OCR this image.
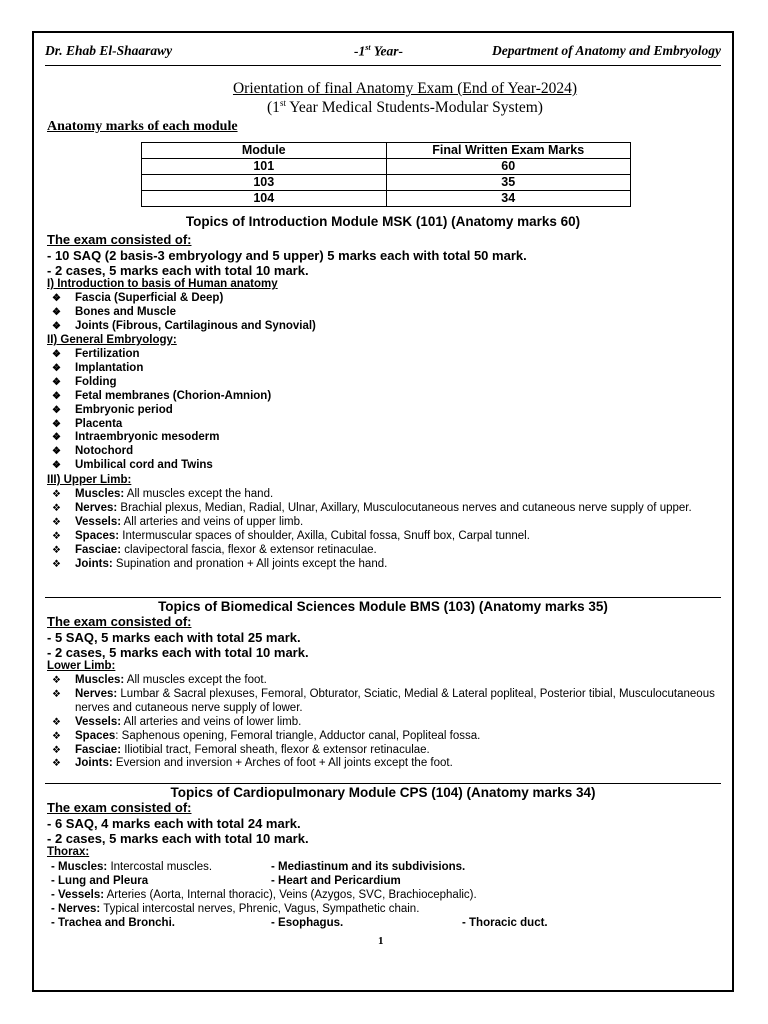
Dr. Ehab El-Shaarawy	-1st Year-	Department of Anatomy and Embryology
Orientation of final Anatomy Exam (End of Year-2024)
(1st Year Medical Students-Modular System)
Anatomy marks of each module
Module	Final Written Exam Marks
101	60
103	35
104	34
Topics of Introduction Module MSK (101) (Anatomy marks 60)
The exam consisted of:
- 10 SAQ (2 basis-3 embryology and 5 upper) 5 marks each with total 50 mark.
- 2 cases, 5 marks each with total 10 mark.
I) Introduction to basis of Human anatomy
❖ Fascia (Superficial & Deep)
❖ Bones and Muscle
❖ Joints (Fibrous, Cartilaginous and Synovial)
II) General Embryology:
❖ Fertilization
❖ Implantation
❖ Folding
❖ Fetal membranes (Chorion-Amnion)
❖ Embryonic period
❖ Placenta
❖ Intraembryonic mesoderm
❖ Notochord
❖ Umbilical cord and Twins
III) Upper Limb:
❖ Muscles: All muscles except the hand.
❖ Nerves: Brachial plexus, Median, Radial, Ulnar, Axillary, Musculocutaneous nerves and cutaneous nerve supply of upper.
❖ Vessels: All arteries and veins of upper limb.
❖ Spaces: Intermuscular spaces of shoulder, Axilla, Cubital fossa, Snuff box, Carpal tunnel.
❖ Fasciae: clavipectoral fascia, flexor & extensor retinaculae.
❖ Joints: Supination and pronation + All joints except the hand.
Topics of Biomedical Sciences Module BMS (103) (Anatomy marks 35)
The exam consisted of:
- 5 SAQ, 5 marks each with total 25 mark.
- 2 cases, 5 marks each with total 10 mark.
Lower Limb:
❖ Muscles: All muscles except the foot.
❖ Nerves: Lumbar & Sacral plexuses, Femoral, Obturator, Sciatic, Medial & Lateral popliteal, Posterior tibial, Musculocutaneous nerves and cutaneous nerve supply of lower.
❖ Vessels: All arteries and veins of lower limb.
❖ Spaces: Saphenous opening, Femoral triangle, Adductor canal, Popliteal fossa.
❖ Fasciae: Iliotibial tract, Femoral sheath, flexor & extensor retinaculae.
❖ Joints: Eversion and inversion + Arches of foot + All joints except the foot.
Topics of Cardiopulmonary Module CPS (104) (Anatomy marks 34)
The exam consisted of:
- 6 SAQ, 4 marks each with total 24 mark.
- 2 cases, 5 marks each with total 10 mark.
Thorax:
- Muscles: Intercostal muscles.	- Mediastinum and its subdivisions.
- Lung and Pleura	- Heart and Pericardium
- Vessels: Arteries (Aorta, Internal thoracic), Veins (Azygos, SVC, Brachiocephalic).
- Nerves: Typical intercostal nerves, Phrenic, Vagus, Sympathetic chain.
- Trachea and Bronchi.	- Esophagus.	- Thoracic duct.
1
